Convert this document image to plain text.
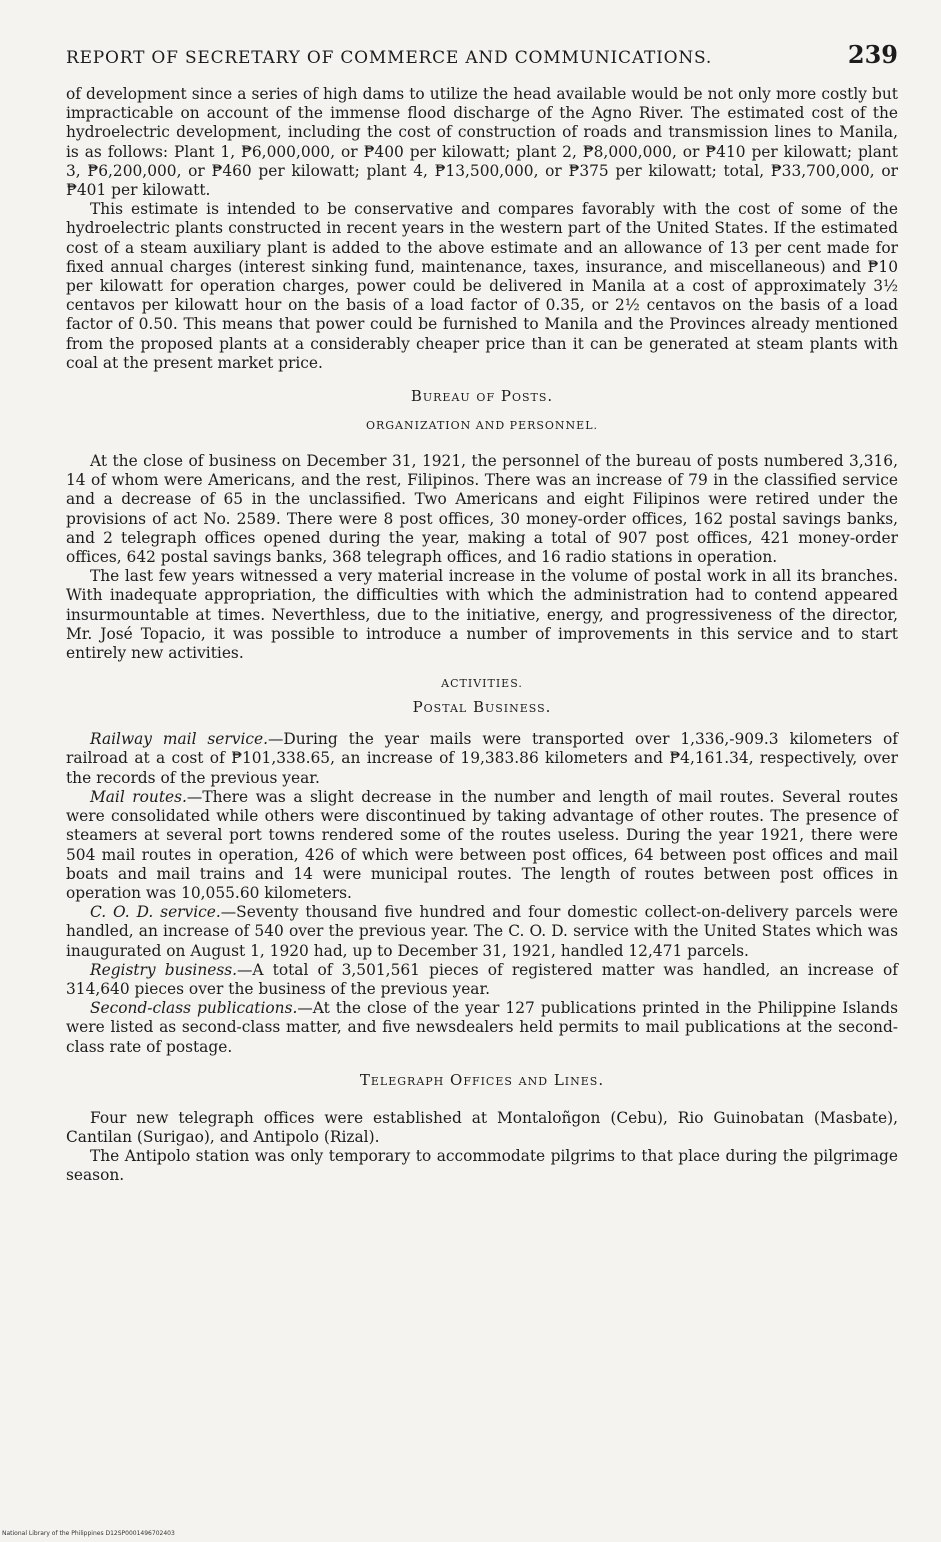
REPORT OF SECRETARY OF COMMERCE AND COMMUNICATIONS.	239

of development since a series of high dams to utilize the head available would be not only more costly but impracticable on account of the immense flood discharge of the Agno River. The estimated cost of the hydroelectric development, including the cost of construction of roads and transmission lines to Manila, is as follows: Plant 1, ₱6,000,000, or ₱400 per kilowatt; plant 2, ₱8,000,000, or ₱410 per kilowatt; plant 3, ₱6,200,000, or ₱460 per kilowatt; plant 4, ₱13,500,000, or ₱375 per kilowatt; total, ₱33,700,000, or ₱401 per kilowatt.

This estimate is intended to be conservative and compares favorably with the cost of some of the hydroelectric plants constructed in recent years in the western part of the United States. If the estimated cost of a steam auxiliary plant is added to the above estimate and an allowance of 13 per cent made for fixed annual charges (interest sinking fund, maintenance, taxes, insurance, and miscellaneous) and ₱10 per kilowatt for operation charges, power could be delivered in Manila at a cost of approximately 3½ centavos per kilowatt hour on the basis of a load factor of 0.35, or 2½ centavos on the basis of a load factor of 0.50. This means that power could be furnished to Manila and the Provinces already mentioned from the proposed plants at a considerably cheaper price than it can be generated at steam plants with coal at the present market price.

Bureau of Posts.
ORGANIZATION AND PERSONNEL.

At the close of business on December 31, 1921, the personnel of the bureau of posts numbered 3,316, 14 of whom were Americans, and the rest, Filipinos. There was an increase of 79 in the classified service and a decrease of 65 in the unclassified. Two Americans and eight Filipinos were retired under the provisions of act No. 2589. There were 8 post offices, 30 money-order offices, 162 postal savings banks, and 2 telegraph offices opened during the year, making a total of 907 post offices, 421 money-order offices, 642 postal savings banks, 368 telegraph offices, and 16 radio stations in operation.

The last few years witnessed a very material increase in the volume of postal work in all its branches. With inadequate appropriation, the difficulties with which the administration had to contend appeared insurmountable at times. Neverthless, due to the initiative, energy, and progressiveness of the director, Mr. José Topacio, it was possible to introduce a number of improvements in this service and to start entirely new activities.

ACTIVITIES.
Postal Business.

Railway mail service.—During the year mails were transported over 1,336,-909.3 kilometers of railroad at a cost of ₱101,338.65, an increase of 19,383.86 kilometers and ₱4,161.34, respectively, over the records of the previous year.

Mail routes.—There was a slight decrease in the number and length of mail routes. Several routes were consolidated while others were discontinued by taking advantage of other routes. The presence of steamers at several port towns rendered some of the routes useless. During the year 1921, there were 504 mail routes in operation, 426 of which were between post offices, 64 between post offices and mail boats and mail trains and 14 were municipal routes. The length of routes between post offices in operation was 10,055.60 kilometers.

C. O. D. service.—Seventy thousand five hundred and four domestic collect-on-delivery parcels were handled, an increase of 540 over the previous year. The C. O. D. service with the United States which was inaugurated on August 1, 1920 had, up to December 31, 1921, handled 12,471 parcels.

Registry business.—A total of 3,501,561 pieces of registered matter was handled, an increase of 314,640 pieces over the business of the previous year.

Second-class publications.—At the close of the year 127 publications printed in the Philippine Islands were listed as second-class matter, and five newsdealers held permits to mail publications at the second-class rate of postage.

Telegraph Offices and Lines.

Four new telegraph offices were established at Montaloñgon (Cebu), Rio Guinobatan (Masbate), Cantilan (Surigao), and Antipolo (Rizal).

The Antipolo station was only temporary to accommodate pilgrims to that place during the pilgrimage season.

National Library of the Philippines D12SP0001496702403
